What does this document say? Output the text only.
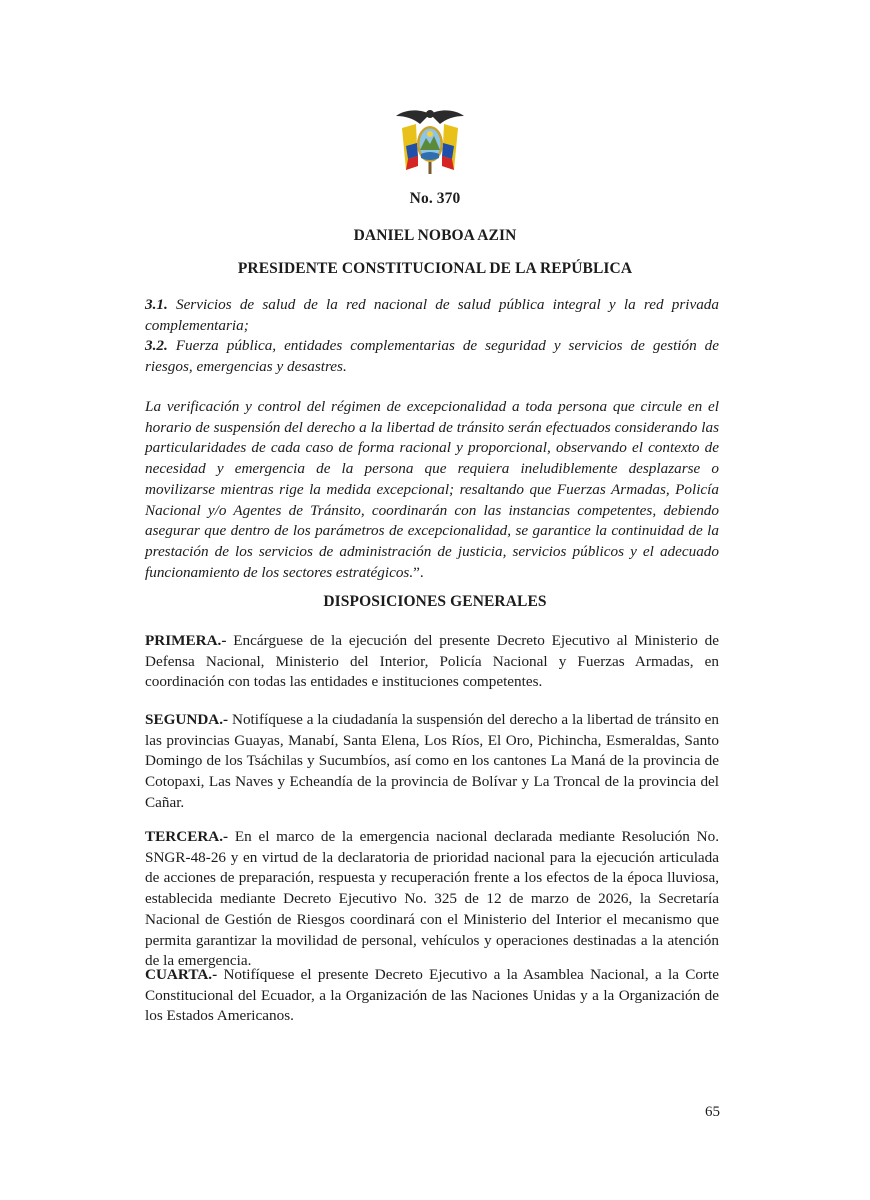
No. 370
DANIEL NOBOA AZIN
PRESIDENTE CONSTITUCIONAL DE LA REPÚBLICA

3.1. Servicios de salud de la red nacional de salud pública integral y la red privada complementaria;
3.2. Fuerza pública, entidades complementarias de seguridad y servicios de gestión de riesgos, emergencias y desastres.

La verificación y control del régimen de excepcionalidad a toda persona que circule en el horario de suspensión del derecho a la libertad de tránsito serán efectuados considerando las particularidades de cada caso de forma racional y proporcional, observando el contexto de necesidad y emergencia de la persona que requiera ineludiblemente desplazarse o movilizarse mientras rige la medida excepcional; resaltando que Fuerzas Armadas, Policía Nacional y/o Agentes de Tránsito, coordinarán con las instancias competentes, debiendo asegurar que dentro de los parámetros de excepcionalidad, se garantice la continuidad de la prestación de los servicios de administración de justicia, servicios públicos y el adecuado funcionamiento de los sectores estratégicos.”.

DISPOSICIONES GENERALES

PRIMERA.- Encárguese de la ejecución del presente Decreto Ejecutivo al Ministerio de Defensa Nacional, Ministerio del Interior, Policía Nacional y Fuerzas Armadas, en coordinación con todas las entidades e instituciones competentes.

SEGUNDA.- Notifíquese a la ciudadanía la suspensión del derecho a la libertad de tránsito en las provincias Guayas, Manabí, Santa Elena, Los Ríos, El Oro, Pichincha, Esmeraldas, Santo Domingo de los Tsáchilas y Sucumbíos, así como en los cantones La Maná de la provincia de Cotopaxi, Las Naves y Echeandía de la provincia de Bolívar y La Troncal de la provincia del Cañar.

TERCERA.- En el marco de la emergencia nacional declarada mediante Resolución No. SNGR-48-26 y en virtud de la declaratoria de prioridad nacional para la ejecución articulada de acciones de preparación, respuesta y recuperación frente a los efectos de la época lluviosa, establecida mediante Decreto Ejecutivo No. 325 de 12 de marzo de 2026, la Secretaría Nacional de Gestión de Riesgos coordinará con el Ministerio del Interior el mecanismo que permita garantizar la movilidad de personal, vehículos y operaciones destinadas a la atención de la emergencia.

CUARTA.- Notifíquese el presente Decreto Ejecutivo a la Asamblea Nacional, a la Corte Constitucional del Ecuador, a la Organización de las Naciones Unidas y a la Organización de los Estados Americanos.

65
